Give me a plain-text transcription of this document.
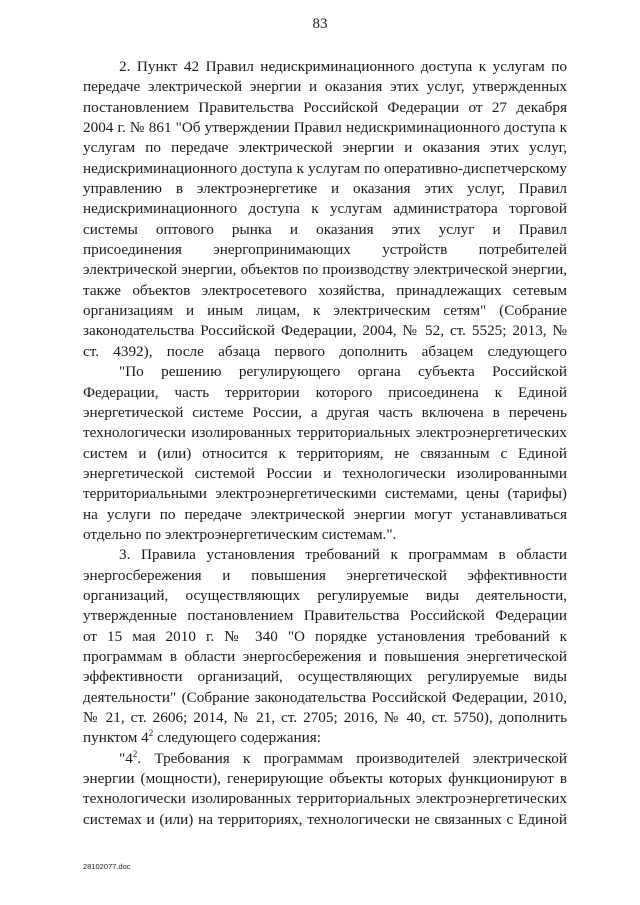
83
2. Пункт 42 Правил недискриминационного доступа к услугам по
передаче электрической энергии и оказания этих услуг, утвержденных
постановлением Правительства Российской Федерации от 27 декабря
2004 г. № 861 "Об утверждении Правил недискриминационного доступа к
услугам по передаче электрической энергии и оказания этих услуг,
недискриминационного доступа к услугам по оперативно-диспетчерскому
управлению в электроэнергетике и оказания этих услуг, Правил
недискриминационного доступа к услугам администратора торговой
системы оптового рынка и оказания этих услуг и Правил
присоединения энергопринимающих устройств потребителей
электрической энергии, объектов по производству электрической энергии,
также объектов электросетевого хозяйства, принадлежащих сетевым
организациям и иным лицам, к электрическим сетям" (Собрание
законодательства Российской Федерации, 2004, № 52, ст. 5525; 2013, №
ст. 4392), после абзаца первого дополнить абзацем следующего
"По решению регулирующего органа субъекта Российской
Федерации, часть территории которого присоединена к Единой
энергетической системе России, а другая часть включена в перечень
технологически изолированных территориальных электроэнергетических
систем и (или) относится к территориям, не связанным с Единой
энергетической системой России и технологически изолированными
территориальными электроэнергетическими системами, цены (тарифы)
на услуги по передаче электрической энергии могут устанавливаться
отдельно по электроэнергетическим системам.".
3. Правила установления требований к программам в области
энергосбережения и повышения энергетической эффективности
организаций, осуществляющих регулируемые виды деятельности,
утвержденные постановлением Правительства Российской Федерации
от 15 мая 2010 г. № 340 "О порядке установления требований к
программам в области энергосбережения и повышения энергетической
эффективности организаций, осуществляющих регулируемые виды
деятельности" (Собрание законодательства Российской Федерации, 2010,
№ 21, ст. 2606; 2014, № 21, ст. 2705; 2016, № 40, ст. 5750), дополнить
пунктом $4^2$ следующего содержания:
"$4^2$. Требования к программам производителей электрической
энергии (мощности), генерирующие объекты которых функционируют в
технологически изолированных территориальных электроэнергетических
системах и (или) на территориях, технологически не связанных с Единой
28102077.doc
